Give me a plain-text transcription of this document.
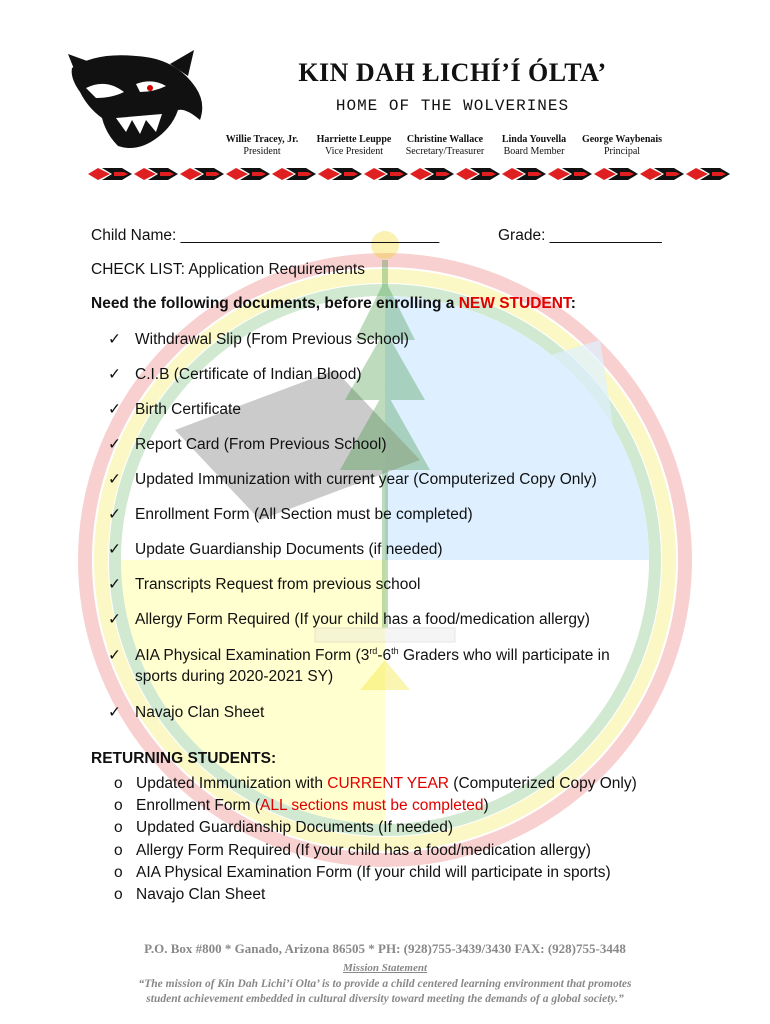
KIN DAH ŁICHÍ’Í ÓLTA’
HOME OF THE WOLVERINES
Willie Tracey, Jr.
President
Harriette Leuppe
Vice President
Christine Wallace
Secretary/Treasurer
Linda Youvella
Board Member
George Waybenais
Principal
Child Name: ______________________________	Grade: _____________
CHECK LIST: Application Requirements
Need the following documents, before enrolling a NEW STUDENT:
✓ Withdrawal Slip (From Previous School)
✓ C.I.B (Certificate of Indian Blood)
✓ Birth Certificate
✓ Report Card (From Previous School)
✓ Updated Immunization with current year (Computerized Copy Only)
✓ Enrollment Form (All Section must be completed)
✓ Update Guardianship Documents (if needed)
✓ Transcripts Request from previous school
✓ Allergy Form Required (If your child has a food/medication allergy)
✓ AIA Physical Examination Form (3rd-6th Graders who will participate in
sports during 2020-2021 SY)
✓ Navajo Clan Sheet
RETURNING STUDENTS:
o Updated Immunization with CURRENT YEAR (Computerized Copy Only)
o Enrollment Form (ALL sections must be completed)
o Updated Guardianship Documents (If needed)
o Allergy Form Required (If your child has a food/medication allergy)
o AIA Physical Examination Form (If your child will participate in sports)
o Navajo Clan Sheet
P.O. Box #800 * Ganado, Arizona 86505 * PH: (928)755-3439/3430 FAX: (928)755-3448
Mission Statement
“The mission of Kin Dah Lichi’í Olta’ is to provide a child centered learning environment that promotes
student achievement embedded in cultural diversity toward meeting the demands of a global society.”
